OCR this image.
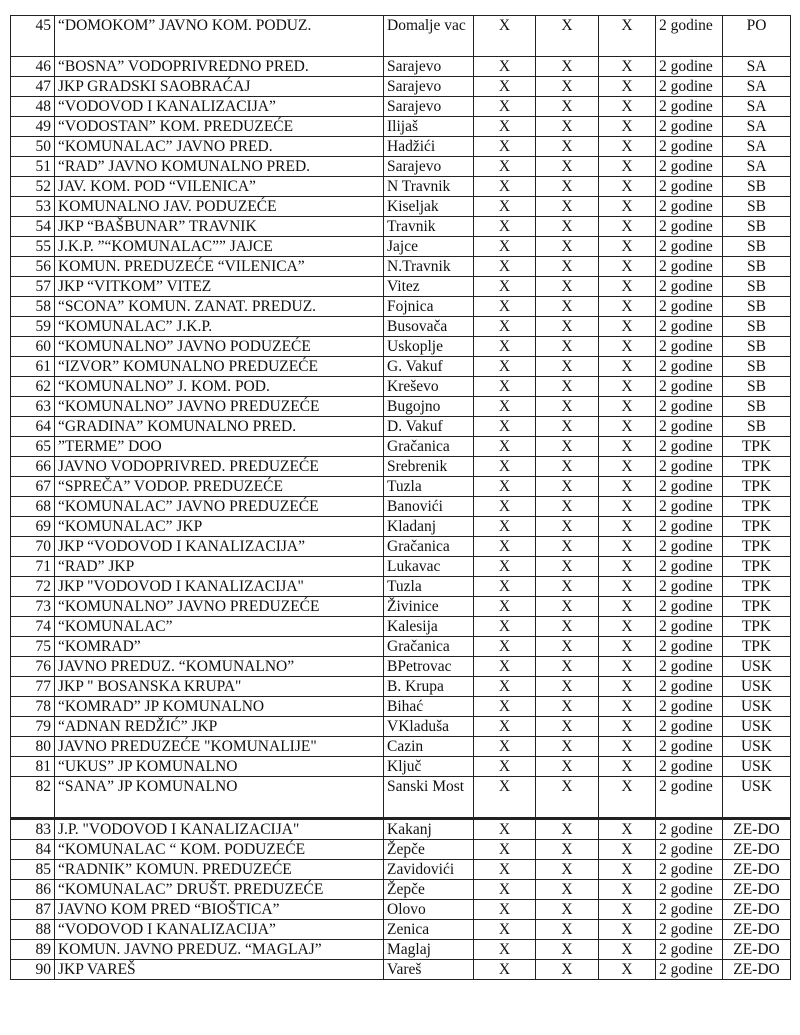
45	“DOMOKOM” JAVNO KOM. PODUZ.	Domalje vac	X	X	X	2 godine	PO
46	“BOSNA” VODOPRIVREDNO PRED.	Sarajevo	X	X	X	2 godine	SA
47	JKP GRADSKI SAOBRAĆAJ	Sarajevo	X	X	X	2 godine	SA
48	“VODOVOD I KANALIZACIJA”	Sarajevo	X	X	X	2 godine	SA
49	“VODOSTAN” KOM. PREDUZEĆE	Ilijaš	X	X	X	2 godine	SA
50	“KOMUNALAC” JAVNO PRED.	Hadžići	X	X	X	2 godine	SA
51	“RAD” JAVNO KOMUNALNO PRED.	Sarajevo	X	X	X	2 godine	SA
52	JAV. KOM. POD “VILENICA”	N Travnik	X	X	X	2 godine	SB
53	KOMUNALNO JAV. PODUZEĆE	Kiseljak	X	X	X	2 godine	SB
54	JKP “BAŠBUNAR” TRAVNIK	Travnik	X	X	X	2 godine	SB
55	J.K.P. ”“KOMUNALAC”” JAJCE	Jajce	X	X	X	2 godine	SB
56	KOMUN. PREDUZEĆE “VILENICA”	N.Travnik	X	X	X	2 godine	SB
57	JKP “VITKOM” VITEZ	Vitez	X	X	X	2 godine	SB
58	“SCONA” KOMUN. ZANAT. PREDUZ.	Fojnica	X	X	X	2 godine	SB
59	“KOMUNALAC” J.K.P.	Busovača	X	X	X	2 godine	SB
60	“KOMUNALNO” JAVNO PODUZEĆE	Uskoplje	X	X	X	2 godine	SB
61	“IZVOR” KOMUNALNO PREDUZEĆE	G. Vakuf	X	X	X	2 godine	SB
62	“KOMUNALNO” J. KOM. POD.	Kreševo	X	X	X	2 godine	SB
63	“KOMUNALNO” JAVNO PREDUZEĆE	Bugojno	X	X	X	2 godine	SB
64	“GRADINA” KOMUNALNO PRED.	D. Vakuf	X	X	X	2 godine	SB
65	”TERME” DOO	Gračanica	X	X	X	2 godine	TPK
66	JAVNO VODOPRIVRED. PREDUZEĆE	Srebrenik	X	X	X	2 godine	TPK
67	“SPREČA” VODOP. PREDUZEĆE	Tuzla	X	X	X	2 godine	TPK
68	“KOMUNALAC” JAVNO PREDUZEĆE	Banovići	X	X	X	2 godine	TPK
69	“KOMUNALAC” JKP	Kladanj	X	X	X	2 godine	TPK
70	JKP “VODOVOD I KANALIZACIJA”	Gračanica	X	X	X	2 godine	TPK
71	“RAD” JKP	Lukavac	X	X	X	2 godine	TPK
72	JKP "VODOVOD I KANALIZACIJA"	Tuzla	X	X	X	2 godine	TPK
73	“KOMUNALNO” JAVNO PREDUZEĆE	Živinice	X	X	X	2 godine	TPK
74	“KOMUNALAC”	Kalesija	X	X	X	2 godine	TPK
75	“KOMRAD”	Gračanica	X	X	X	2 godine	TPK
76	JAVNO PREDUZ. “KOMUNALNO”	BPetrovac	X	X	X	2 godine	USK
77	JKP " BOSANSKA KRUPA"	B. Krupa	X	X	X	2 godine	USK
78	“KOMRAD” JP KOMUNALNO	Bihać	X	X	X	2 godine	USK
79	“ADNAN REDŽIĆ” JKP	VKladuša	X	X	X	2 godine	USK
80	JAVNO PREDUZEĆE "KOMUNALIJE"	Cazin	X	X	X	2 godine	USK
81	“UKUS” JP KOMUNALNO	Ključ	X	X	X	2 godine	USK
82	“SANA” JP KOMUNALNO	Sanski Most	X	X	X	2 godine	USK
83	J.P. "VODOVOD I KANALIZACIJA"	Kakanj	X	X	X	2 godine	ZE-DO
84	“KOMUNALAC “ KOM. PODUZEĆE	Žepče	X	X	X	2 godine	ZE-DO
85	“RADNIK” KOMUN. PREDUZEĆE	Zavidovići	X	X	X	2 godine	ZE-DO
86	“KOMUNALAC” DRUŠT. PREDUZEĆE	Žepče	X	X	X	2 godine	ZE-DO
87	JAVNO KOM PRED “BIOŠTICA”	Olovo	X	X	X	2 godine	ZE-DO
88	“VODOVOD I KANALIZACIJA”	Zenica	X	X	X	2 godine	ZE-DO
89	KOMUN. JAVNO PREDUZ. “MAGLAJ”	Maglaj	X	X	X	2 godine	ZE-DO
90	JKP VAREŠ	Vareš	X	X	X	2 godine	ZE-DO
